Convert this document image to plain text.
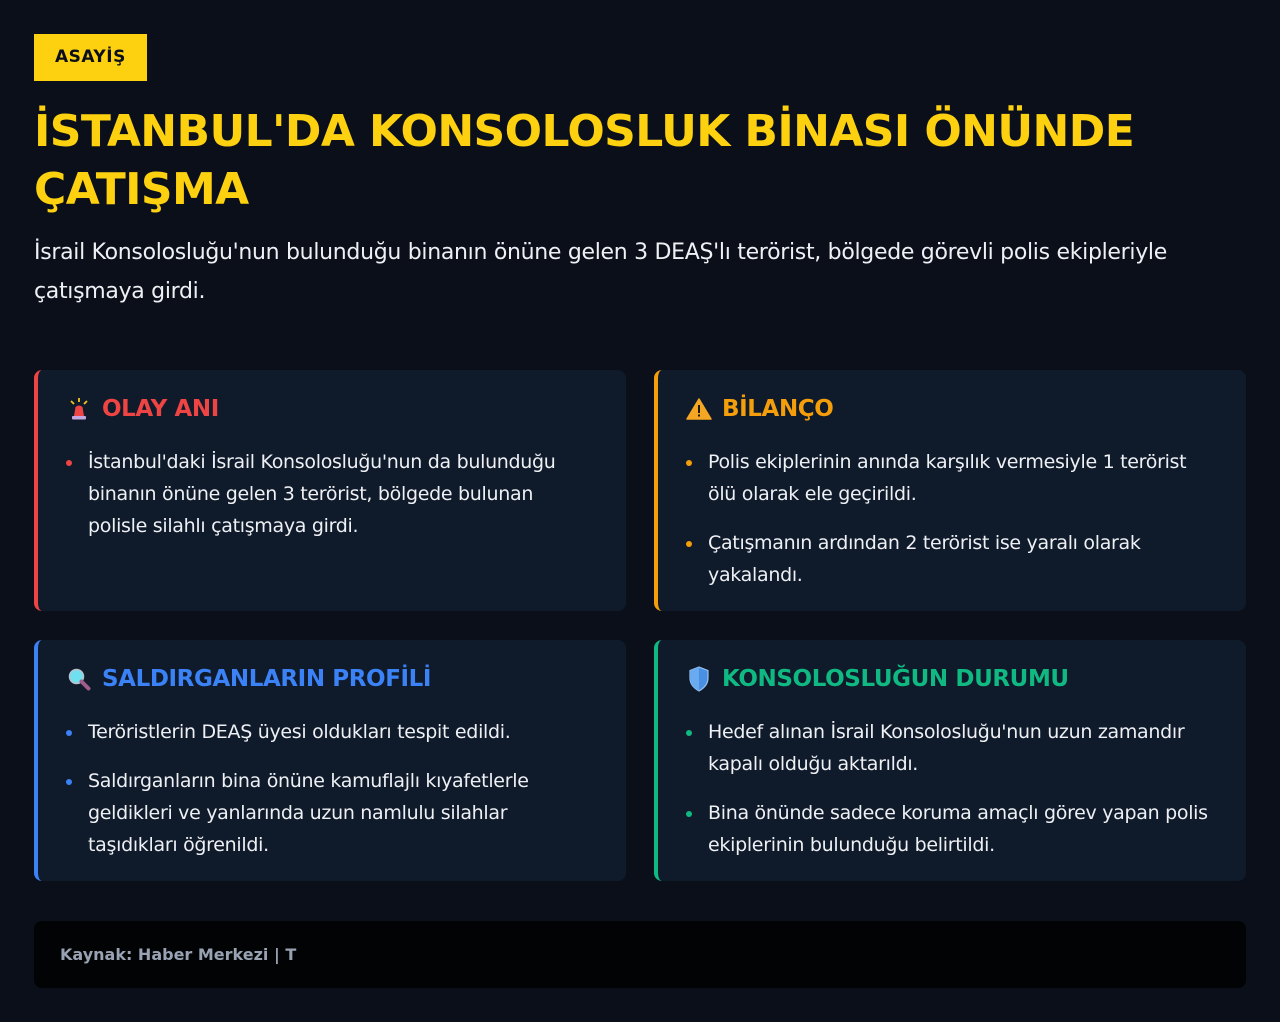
ASAYİŞ
İSTANBUL'DA KONSOLOSLUK BİNASI ÖNÜNDE ÇATIŞMA

İsrail Konsolosluğu'nun bulunduğu binanın önüne gelen 3 DEAŞ'lı terörist, bölgede görevli polis ekipleriyle çatışmaya girdi.

OLAY ANI
İstanbul'daki İsrail Konsolosluğu'nun da bulunduğu binanın önüne gelen 3 terörist, bölgede bulunan polisle silahlı çatışmaya girdi.
BİLANÇO
Polis ekiplerinin anında karşılık vermesiyle 1 terörist ölü olarak ele geçirildi.
Çatışmanın ardından 2 terörist ise yaralı olarak yakalandı.
SALDIRGANLARIN PROFİLİ
Teröristlerin DEAŞ üyesi oldukları tespit edildi.
Saldırganların bina önüne kamuflajlı kıyafetlerle geldikleri ve yanlarında uzun namlulu silahlar taşıdıkları öğrenildi.
KONSOLOSLUĞUN DURUMU
Hedef alınan İsrail Konsolosluğu'nun uzun zamandır kapalı olduğu aktarıldı.
Bina önünde sadece koruma amaçlı görev yapan polis ekiplerinin bulunduğu belirtildi.
Kaynak: Haber Merkezi | T
